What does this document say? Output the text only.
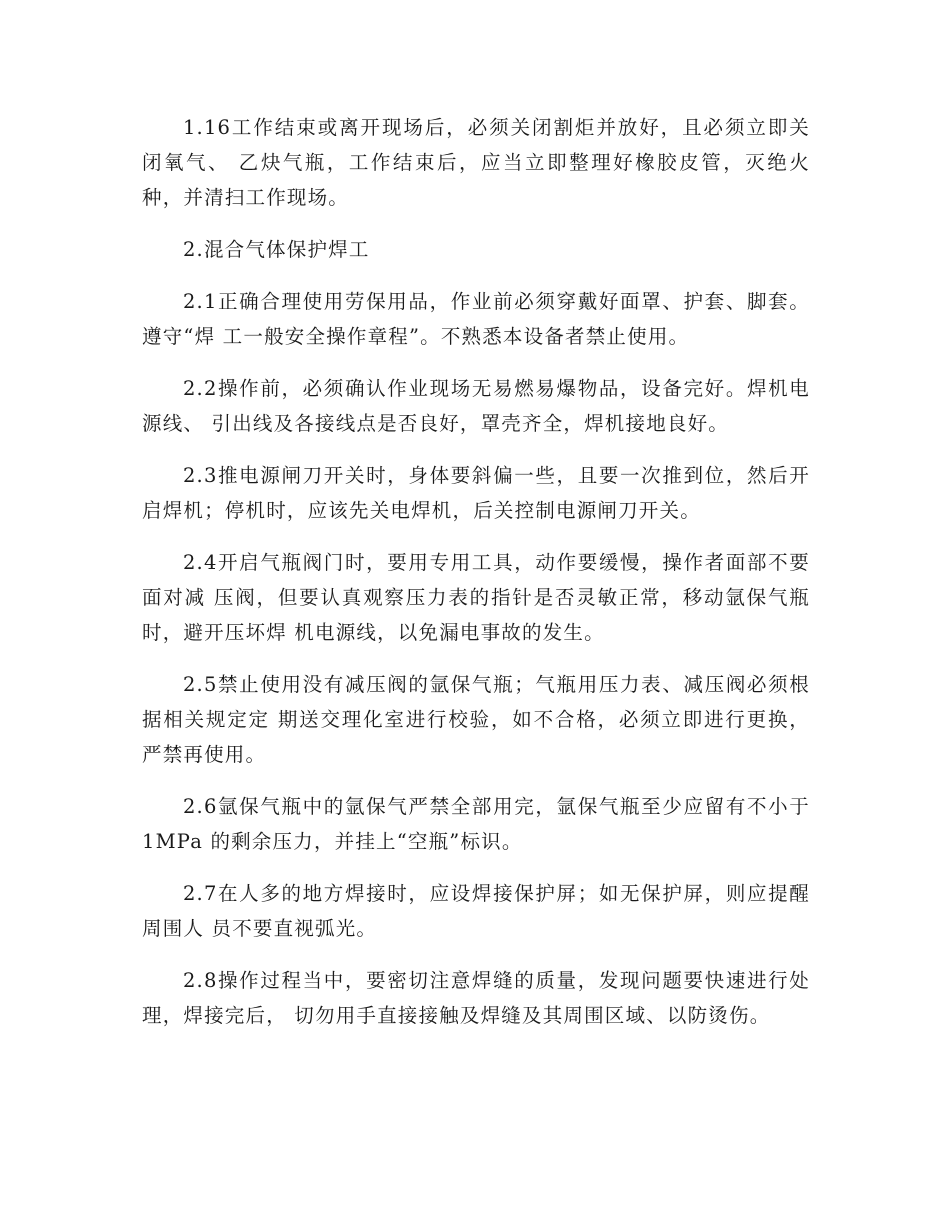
1.16工作结束或离开现场后，必须关闭割炬并放好，且必须立即关闭氧气、 乙炔气瓶，工作结束后，应当立即整理好橡胶皮管，灭绝火种，并清扫工作现场。

2.混合气体保护焊工

2.1正确合理使用劳保用品，作业前必须穿戴好面罩、护套、脚套。遵守“焊 工一般安全操作章程”。不熟悉本设备者禁止使用。

2.2操作前，必须确认作业现场无易燃易爆物品，设备完好。焊机电源线、 引出线及各接线点是否良好，罩壳齐全，焊机接地良好。

2.3推电源闸刀开关时，身体要斜偏一些，且要一次推到位，然后开启焊机；停机时，应该先关电焊机，后关控制电源闸刀开关。

2.4开启气瓶阀门时，要用专用工具，动作要缓慢，操作者面部不要面对减 压阀，但要认真观察压力表的指针是否灵敏正常，移动氩保气瓶时，避开压坏焊 机电源线，以免漏电事故的发生。

2.5禁止使用没有减压阀的氩保气瓶；气瓶用压力表、减压阀必须根据相关规定定 期送交理化室进行校验，如不合格，必须立即进行更换，严禁再使用。

2.6氩保气瓶中的氩保气严禁全部用完，氩保气瓶至少应留有不小于1MPa 的剩余压力，并挂上“空瓶”标识。

2.7在人多的地方焊接时，应设焊接保护屏；如无保护屏，则应提醒周围人 员不要直视弧光。

2.8操作过程当中，要密切注意焊缝的质量，发现问题要快速进行处理，焊接完后， 切勿用手直接接触及焊缝及其周围区域、以防烫伤。
